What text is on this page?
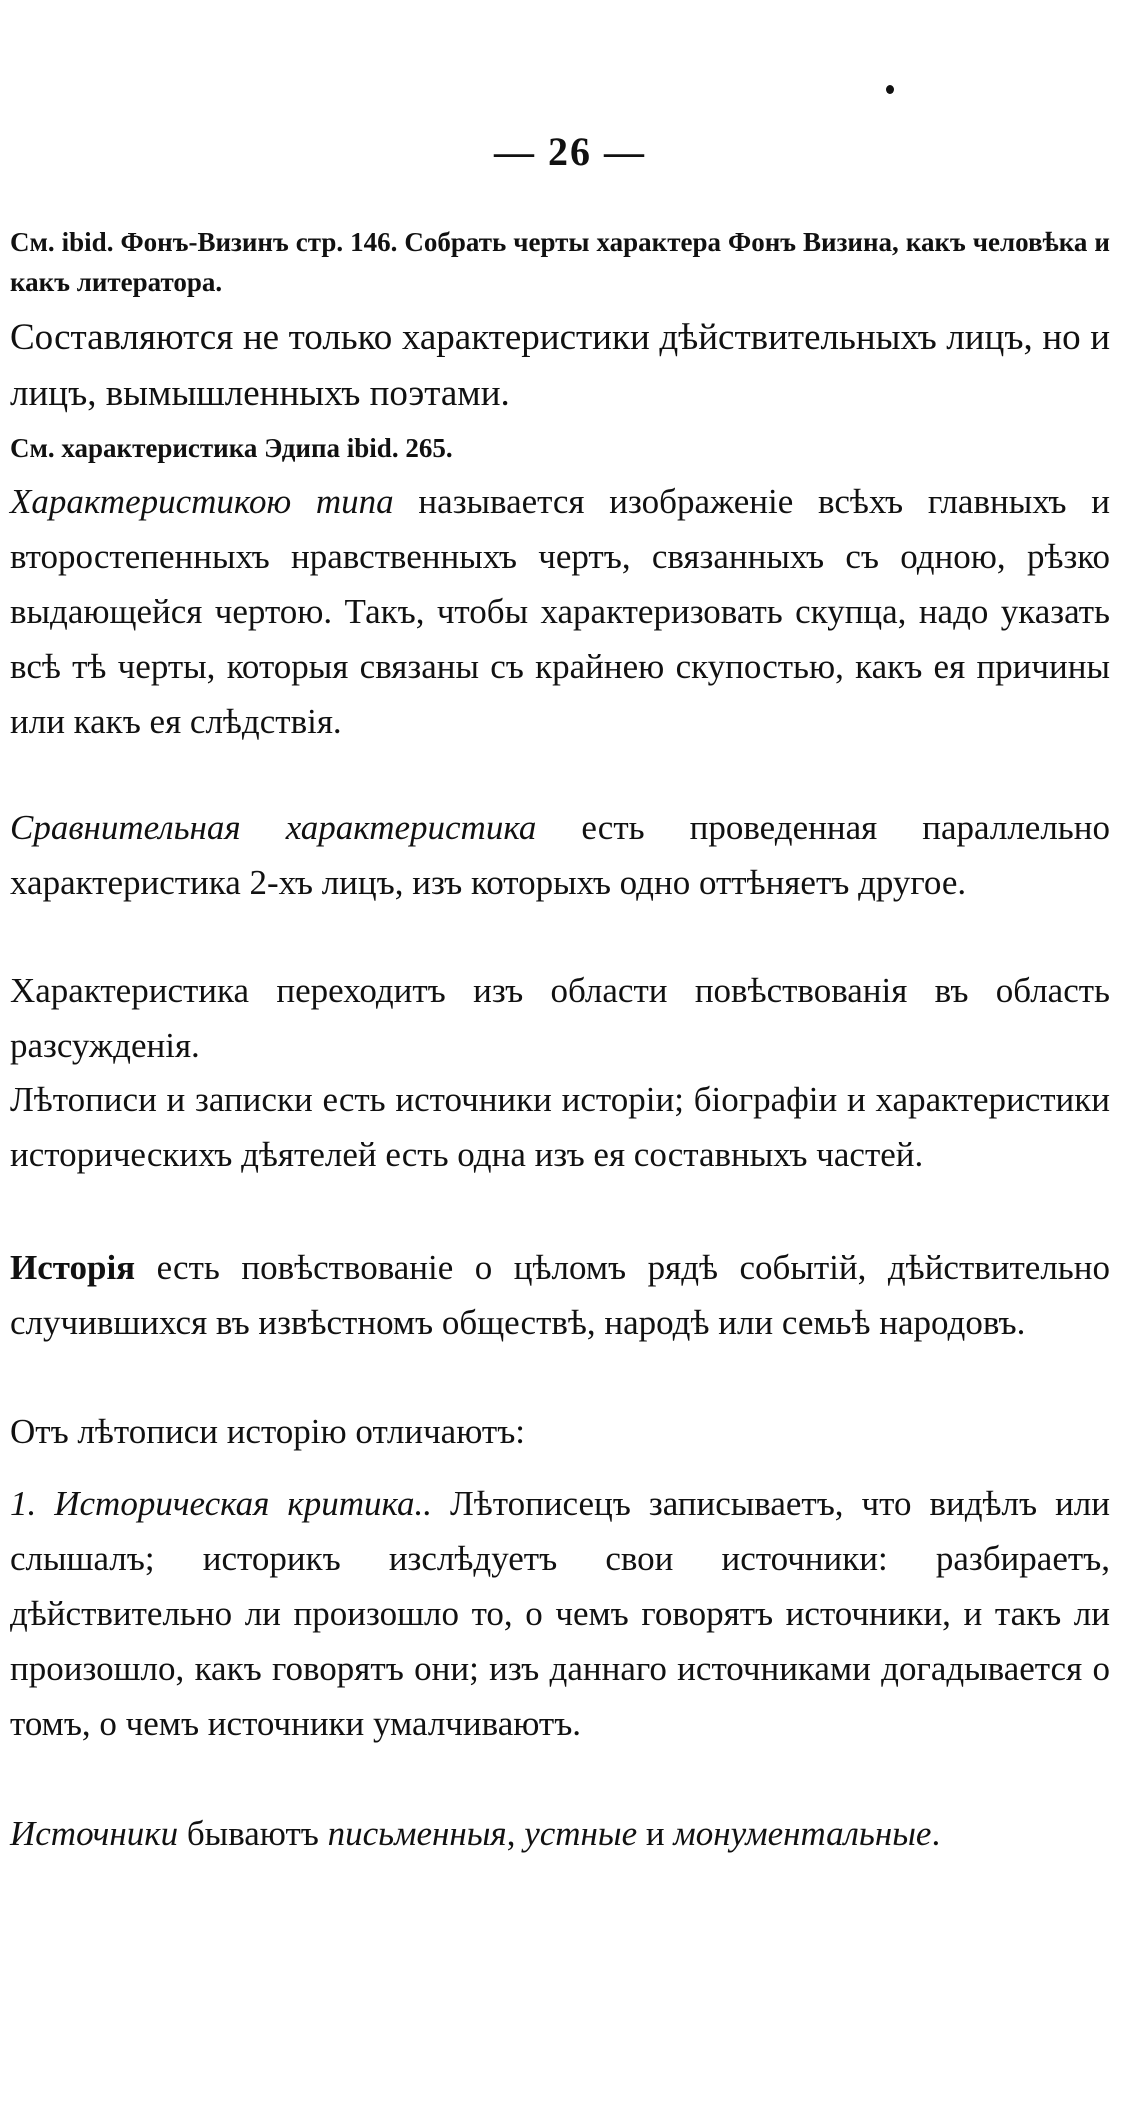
— 26 —
См. ibid. Фонъ-Визинъ стр. 146. Собрать черты характера Фонъ Визина, какъ человѣка и какъ литератора.
Составляются не только характеристики дѣйствительныхъ лицъ, но и лицъ, вымышленныхъ поэтами.
См. характеристика Эдипа ibid. 265.
Характеристикою типа называется изображеніе всѣхъ главныхъ и второстепенныхъ нравственныхъ чертъ, связанныхъ съ одною, рѣзко выдающейся чертою. Такъ, чтобы характеризовать скупца, надо указать всѣ тѣ черты, которыя связаны съ крайнею скупостью, какъ ея причины или какъ ея слѣдствія.
Сравнительная характеристика есть проведенная параллельно характеристика 2-хъ лицъ, изъ которыхъ одно оттѣняетъ другое.
Характеристика переходитъ изъ области повѣствованія въ область разсужденія.
Лѣтописи и записки есть источники исторіи; біографіи и характеристики историческихъ дѣятелей есть одна изъ ея составныхъ частей.
Исторія есть повѣствованіе о цѣломъ рядѣ событій, дѣйствительно случившихся въ извѣстномъ обществѣ, народѣ или семьѣ народовъ.
Отъ лѣтописи исторію отличаютъ:
1. Историческая критика.. Лѣтописецъ записываетъ, что видѣлъ или слышалъ; историкъ изслѣдуетъ свои источники: разбираетъ, дѣйствительно ли произошло то, о чемъ говорятъ источники, и такъ ли произошло, какъ говорятъ они; изъ даннаго источниками догадывается о томъ, о чемъ источники умалчиваютъ.
Источники бываютъ письменныя, устные и монументальные.
